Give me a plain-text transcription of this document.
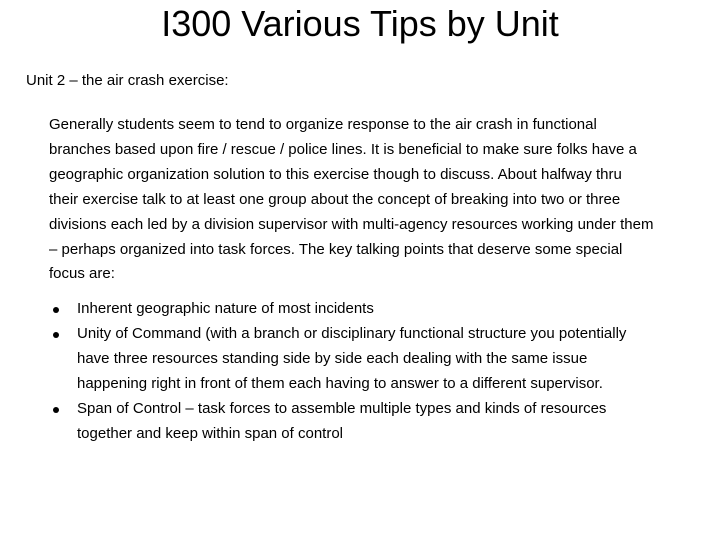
I300 Various Tips by Unit

Unit 2 – the air crash exercise:

Generally students seem to tend to organize response to the air crash in functional branches based upon fire / rescue / police lines. It is beneficial to make sure folks have a geographic organization solution to this exercise though to discuss. About halfway thru their exercise talk to at least one group about the concept of breaking into two or three divisions each led by a division supervisor with multi-agency resources working under them – perhaps organized into task forces. The key talking points that deserve some special focus are:

Inherent geographic nature of most incidents
Unity of Command (with a branch or disciplinary functional structure you potentially have three resources standing side by side each dealing with the same issue happening right in front of them each having to answer to a different supervisor.
Span of Control – task forces to assemble multiple types and kinds of resources together and keep within span of control
